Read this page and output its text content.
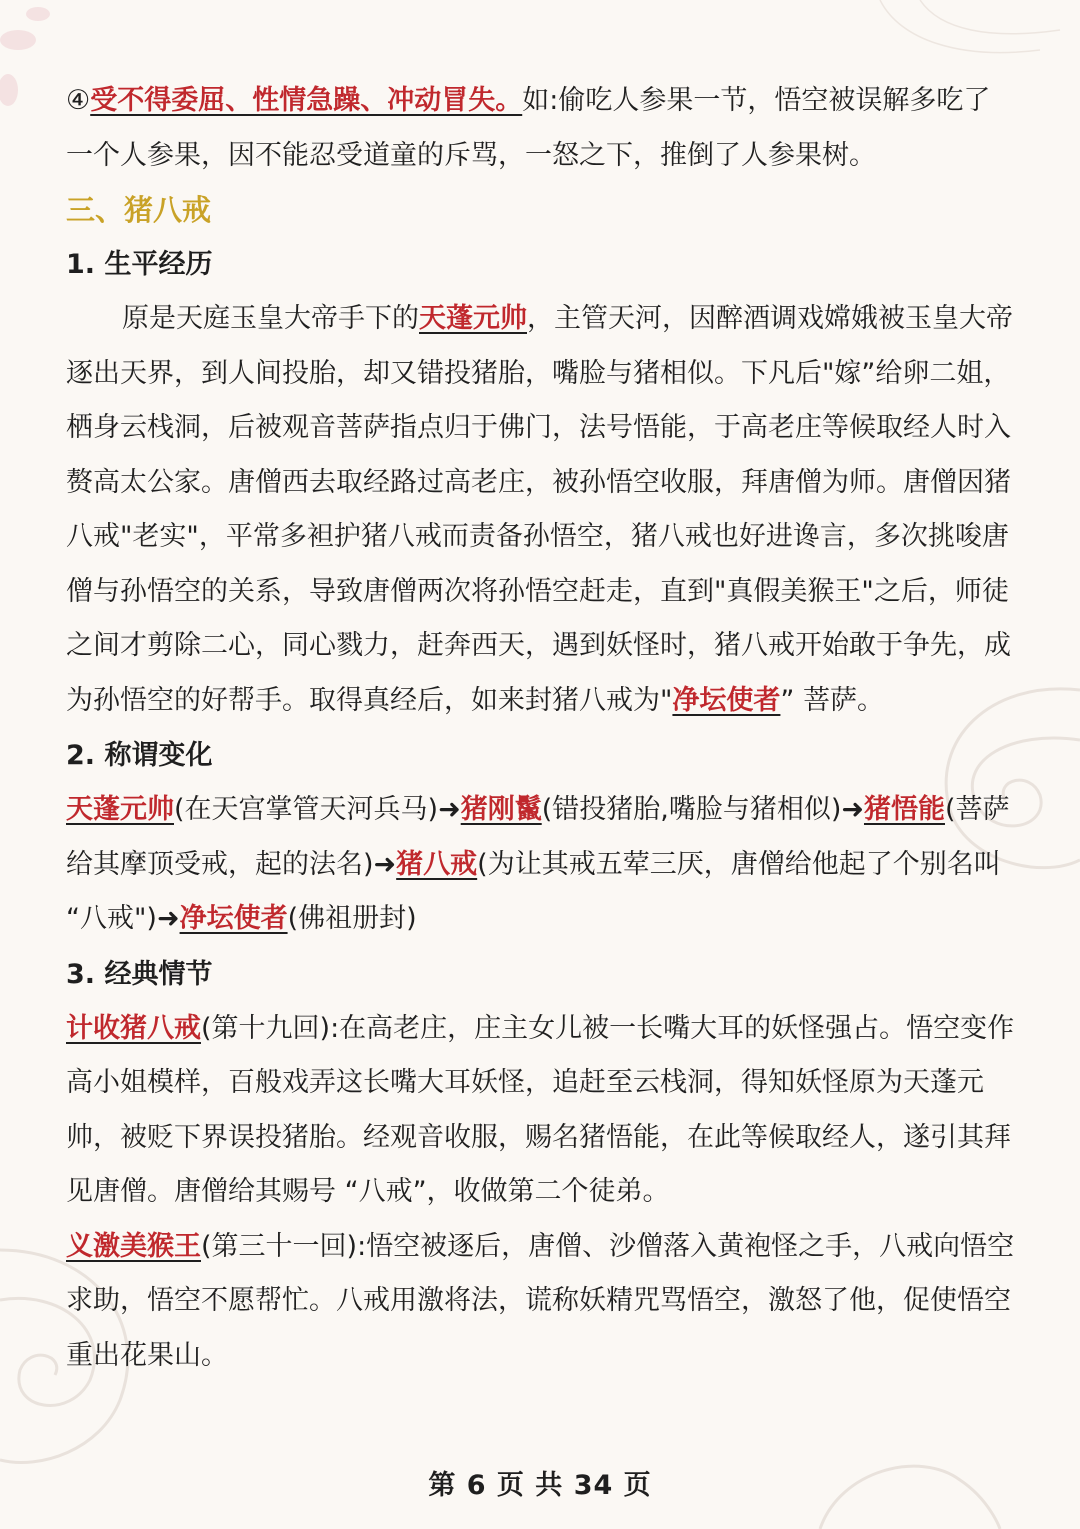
④受不得委屈、性情急躁、冲动冒失。如:偷吃人参果一节，悟空被误解多吃了一个人参果，因不能忍受道童的斥骂，一怒之下，推倒了人参果树。

三、猪八戒

1. 生平经历

原是天庭玉皇大帝手下的天蓬元帅，主管天河，因醉酒调戏嫦娥被玉皇大帝逐出天界，到人间投胎，却又错投猪胎，嘴脸与猪相似。下凡后"嫁”给卵二姐，栖身云栈洞，后被观音菩萨指点归于佛门，法号悟能，于高老庄等候取经人时入赘高太公家。唐僧西去取经路过高老庄，被孙悟空收服，拜唐僧为师。唐僧因猪八戒"老实"，平常多袒护猪八戒而责备孙悟空，猪八戒也好进谗言，多次挑唆唐僧与孙悟空的关系，导致唐僧两次将孙悟空赶走，直到"真假美猴王"之后，师徒之间才剪除二心，同心戮力，赶奔西天，遇到妖怪时，猪八戒开始敢于争先，成为孙悟空的好帮手。取得真经后，如来封猪八戒为"净坛使者” 菩萨。

2. 称谓变化

天蓬元帅(在天宫掌管天河兵马)➜猪刚鬣(错投猪胎,嘴脸与猪相似)➜猪悟能(菩萨给其摩顶受戒，起的法名)➜猪八戒(为让其戒五荤三厌，唐僧给他起了个别名叫 “八戒")➜净坛使者(佛祖册封)

3. 经典情节

计收猪八戒(第十九回):在高老庄，庄主女儿被一长嘴大耳的妖怪强占。悟空变作高小姐模样，百般戏弄这长嘴大耳妖怪，追赶至云栈洞，得知妖怪原为天蓬元帅，被贬下界误投猪胎。经观音收服，赐名猪悟能，在此等候取经人，遂引其拜见唐僧。唐僧给其赐号 “八戒”，收做第二个徒弟。

义激美猴王(第三十一回):悟空被逐后，唐僧、沙僧落入黄袍怪之手，八戒向悟空求助，悟空不愿帮忙。八戒用激将法，谎称妖精咒骂悟空，激怒了他，促使悟空重出花果山。

第 6 页 共 34 页
